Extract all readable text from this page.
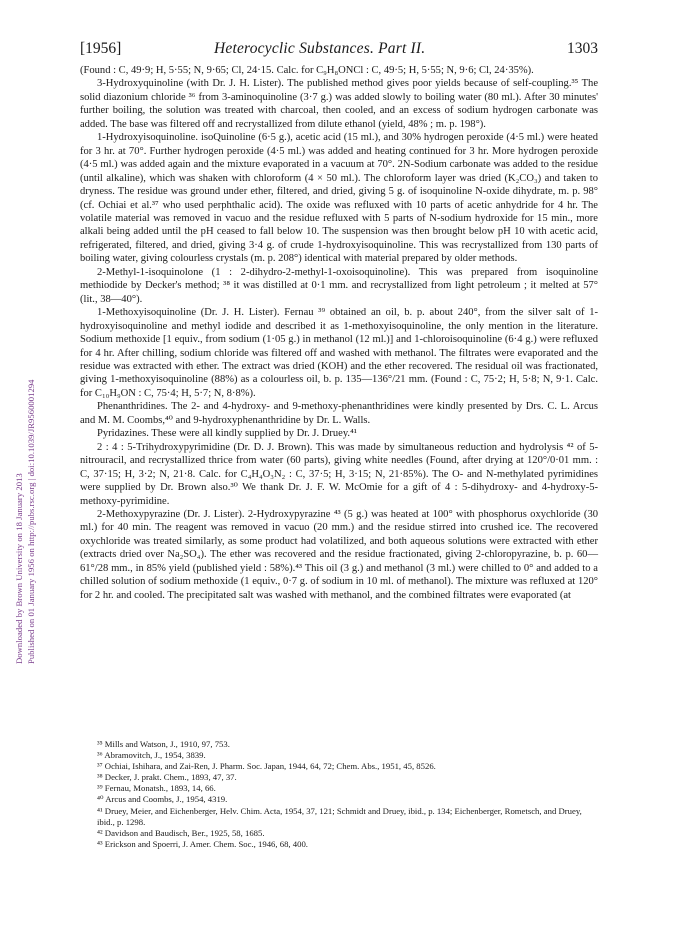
Downloaded by Brown University on 18 January 2013 Published on 01 January 1956 on http://pubs.rsc.org | doi:10.1039/JR9560001294
[1956]	Heterocyclic Substances. Part II.	1303

(Found : C, 49·9; H, 5·55; N, 9·65; Cl, 24·15. Calc. for C₉H₈ONCl : C, 49·5; H, 5·55; N, 9·6; Cl, 24·35%).

3-Hydroxyquinoline (with Dr. J. H. Lister). The published method gives poor yields because of self-coupling.³⁵ The solid diazonium chloride ³⁶ from 3-aminoquinoline (3·7 g.) was added slowly to boiling water (80 ml.). After 30 minutes' further boiling, the solution was treated with charcoal, then cooled, and an excess of sodium hydrogen carbonate was added. The base was filtered off and recrystallized from dilute ethanol (yield, 48% ; m. p. 198°).

1-Hydroxyisoquinoline. isoQuinoline (6·5 g.), acetic acid (15 ml.), and 30% hydrogen peroxide (4·5 ml.) were heated for 3 hr. at 70°. Further hydrogen peroxide (4·5 ml.) was added and heating continued for 3 hr. More hydrogen peroxide (4·5 ml.) was added again and the mixture evaporated in a vacuum at 70°. 2N-Sodium carbonate was added to the residue (until alkaline), which was shaken with chloroform (4 × 50 ml.). The chloroform layer was dried (K₂CO₃) and taken to dryness. The residue was ground under ether, filtered, and dried, giving 5 g. of isoquinoline N-oxide dihydrate, m. p. 98° (cf. Ochiai et al.³⁷ who used perphthalic acid). The oxide was refluxed with 10 parts of acetic anhydride for 4 hr. The volatile material was removed in vacuo and the residue refluxed with 5 parts of N-sodium hydroxide for 15 min., more alkali being added until the pH ceased to fall below 10. The suspension was then brought below pH 10 with acetic acid, refrigerated, filtered, and dried, giving 3·4 g. of crude 1-hydroxyisoquinoline. This was recrystallized from 130 parts of boiling water, giving colourless crystals (m. p. 208°) identical with material prepared by older methods.

2-Methyl-1-isoquinolone (1 : 2-dihydro-2-methyl-1-oxoisoquinoline). This was prepared from isoquinoline methiodide by Decker's method; ³⁸ it was distilled at 0·1 mm. and recrystallized from light petroleum ; it melted at 57° (lit., 38—40°).

1-Methoxyisoquinoline (Dr. J. H. Lister). Fernau ³⁹ obtained an oil, b. p. about 240°, from the silver salt of 1-hydroxyisoquinoline and methyl iodide and described it as 1-methoxyisoquinoline, the only mention in the literature. Sodium methoxide [1 equiv., from sodium (1·05 g.) in methanol (12 ml.)] and 1-chloroisoquinoline (6·4 g.) were refluxed for 4 hr. After chilling, sodium chloride was filtered off and washed with methanol. The filtrates were evaporated and the residue was extracted with ether. The extract was dried (KOH) and the ether recovered. The residual oil was fractionated, giving 1-methoxyisoquinoline (88%) as a colourless oil, b. p. 135—136°/21 mm. (Found : C, 75·2; H, 5·8; N, 9·1. Calc. for C₁₀H₉ON : C, 75·4; H, 5·7; N, 8·8%).

Phenanthridines. The 2- and 4-hydroxy- and 9-methoxy-phenanthridines were kindly presented by Drs. C. L. Arcus and M. M. Coombs,⁴⁰ and 9-hydroxyphenanthridine by Dr. L. Walls.

Pyridazines. These were all kindly supplied by Dr. J. Druey.⁴¹

2 : 4 : 5-Trihydroxypyrimidine (Dr. D. J. Brown). This was made by simultaneous reduction and hydrolysis ⁴² of 5-nitrouracil, and recrystallized thrice from water (60 parts), giving white needles (Found, after drying at 120°/0·01 mm. : C, 37·15; H, 3·2; N, 21·8. Calc. for C₄H₄O₃N₂ : C, 37·5; H, 3·15; N, 21·85%). The O- and N-methylated pyrimidines were supplied by Dr. Brown also.³⁰ We thank Dr. J. F. W. McOmie for a gift of 4 : 5-dihydroxy- and 4-hydroxy-5-methoxy-pyrimidine.

2-Methoxypyrazine (Dr. J. Lister). 2-Hydroxypyrazine ⁴³ (5 g.) was heated at 100° with phosphorus oxychloride (30 ml.) for 40 min. The reagent was removed in vacuo (20 mm.) and the residue stirred into crushed ice. The recovered oxychloride was treated similarly, as some product had volatilized, and both aqueous solutions were extracted with ether (extracts dried over Na₂SO₄). The ether was recovered and the residue fractionated, giving 2-chloropyrazine, b. p. 60—61°/28 mm., in 85% yield (published yield : 58%).⁴³ This oil (3 g.) and methanol (3 ml.) were chilled to 0° and added to a chilled solution of sodium methoxide (1 equiv., 0·7 g. of sodium in 10 ml. of methanol). The mixture was refluxed at 120° for 2 hr. and cooled. The precipitated salt was washed with methanol, and the combined filtrates were evaporated (at

³⁵ Mills and Watson, J., 1910, 97, 753.

³⁶ Abramovitch, J., 1954, 3839.

³⁷ Ochiai, Ishihara, and Zai-Ren, J. Pharm. Soc. Japan, 1944, 64, 72; Chem. Abs., 1951, 45, 8526.

³⁸ Decker, J. prakt. Chem., 1893, 47, 37.

³⁹ Fernau, Monatsh., 1893, 14, 66.

⁴⁰ Arcus and Coombs, J., 1954, 4319.

⁴¹ Druey, Meier, and Eichenberger, Helv. Chim. Acta, 1954, 37, 121; Schmidt and Druey, ibid., p. 134; Eichenberger, Rometsch, and Druey, ibid., p. 1298.

⁴² Davidson and Baudisch, Ber., 1925, 58, 1685.

⁴³ Erickson and Spoerri, J. Amer. Chem. Soc., 1946, 68, 400.
